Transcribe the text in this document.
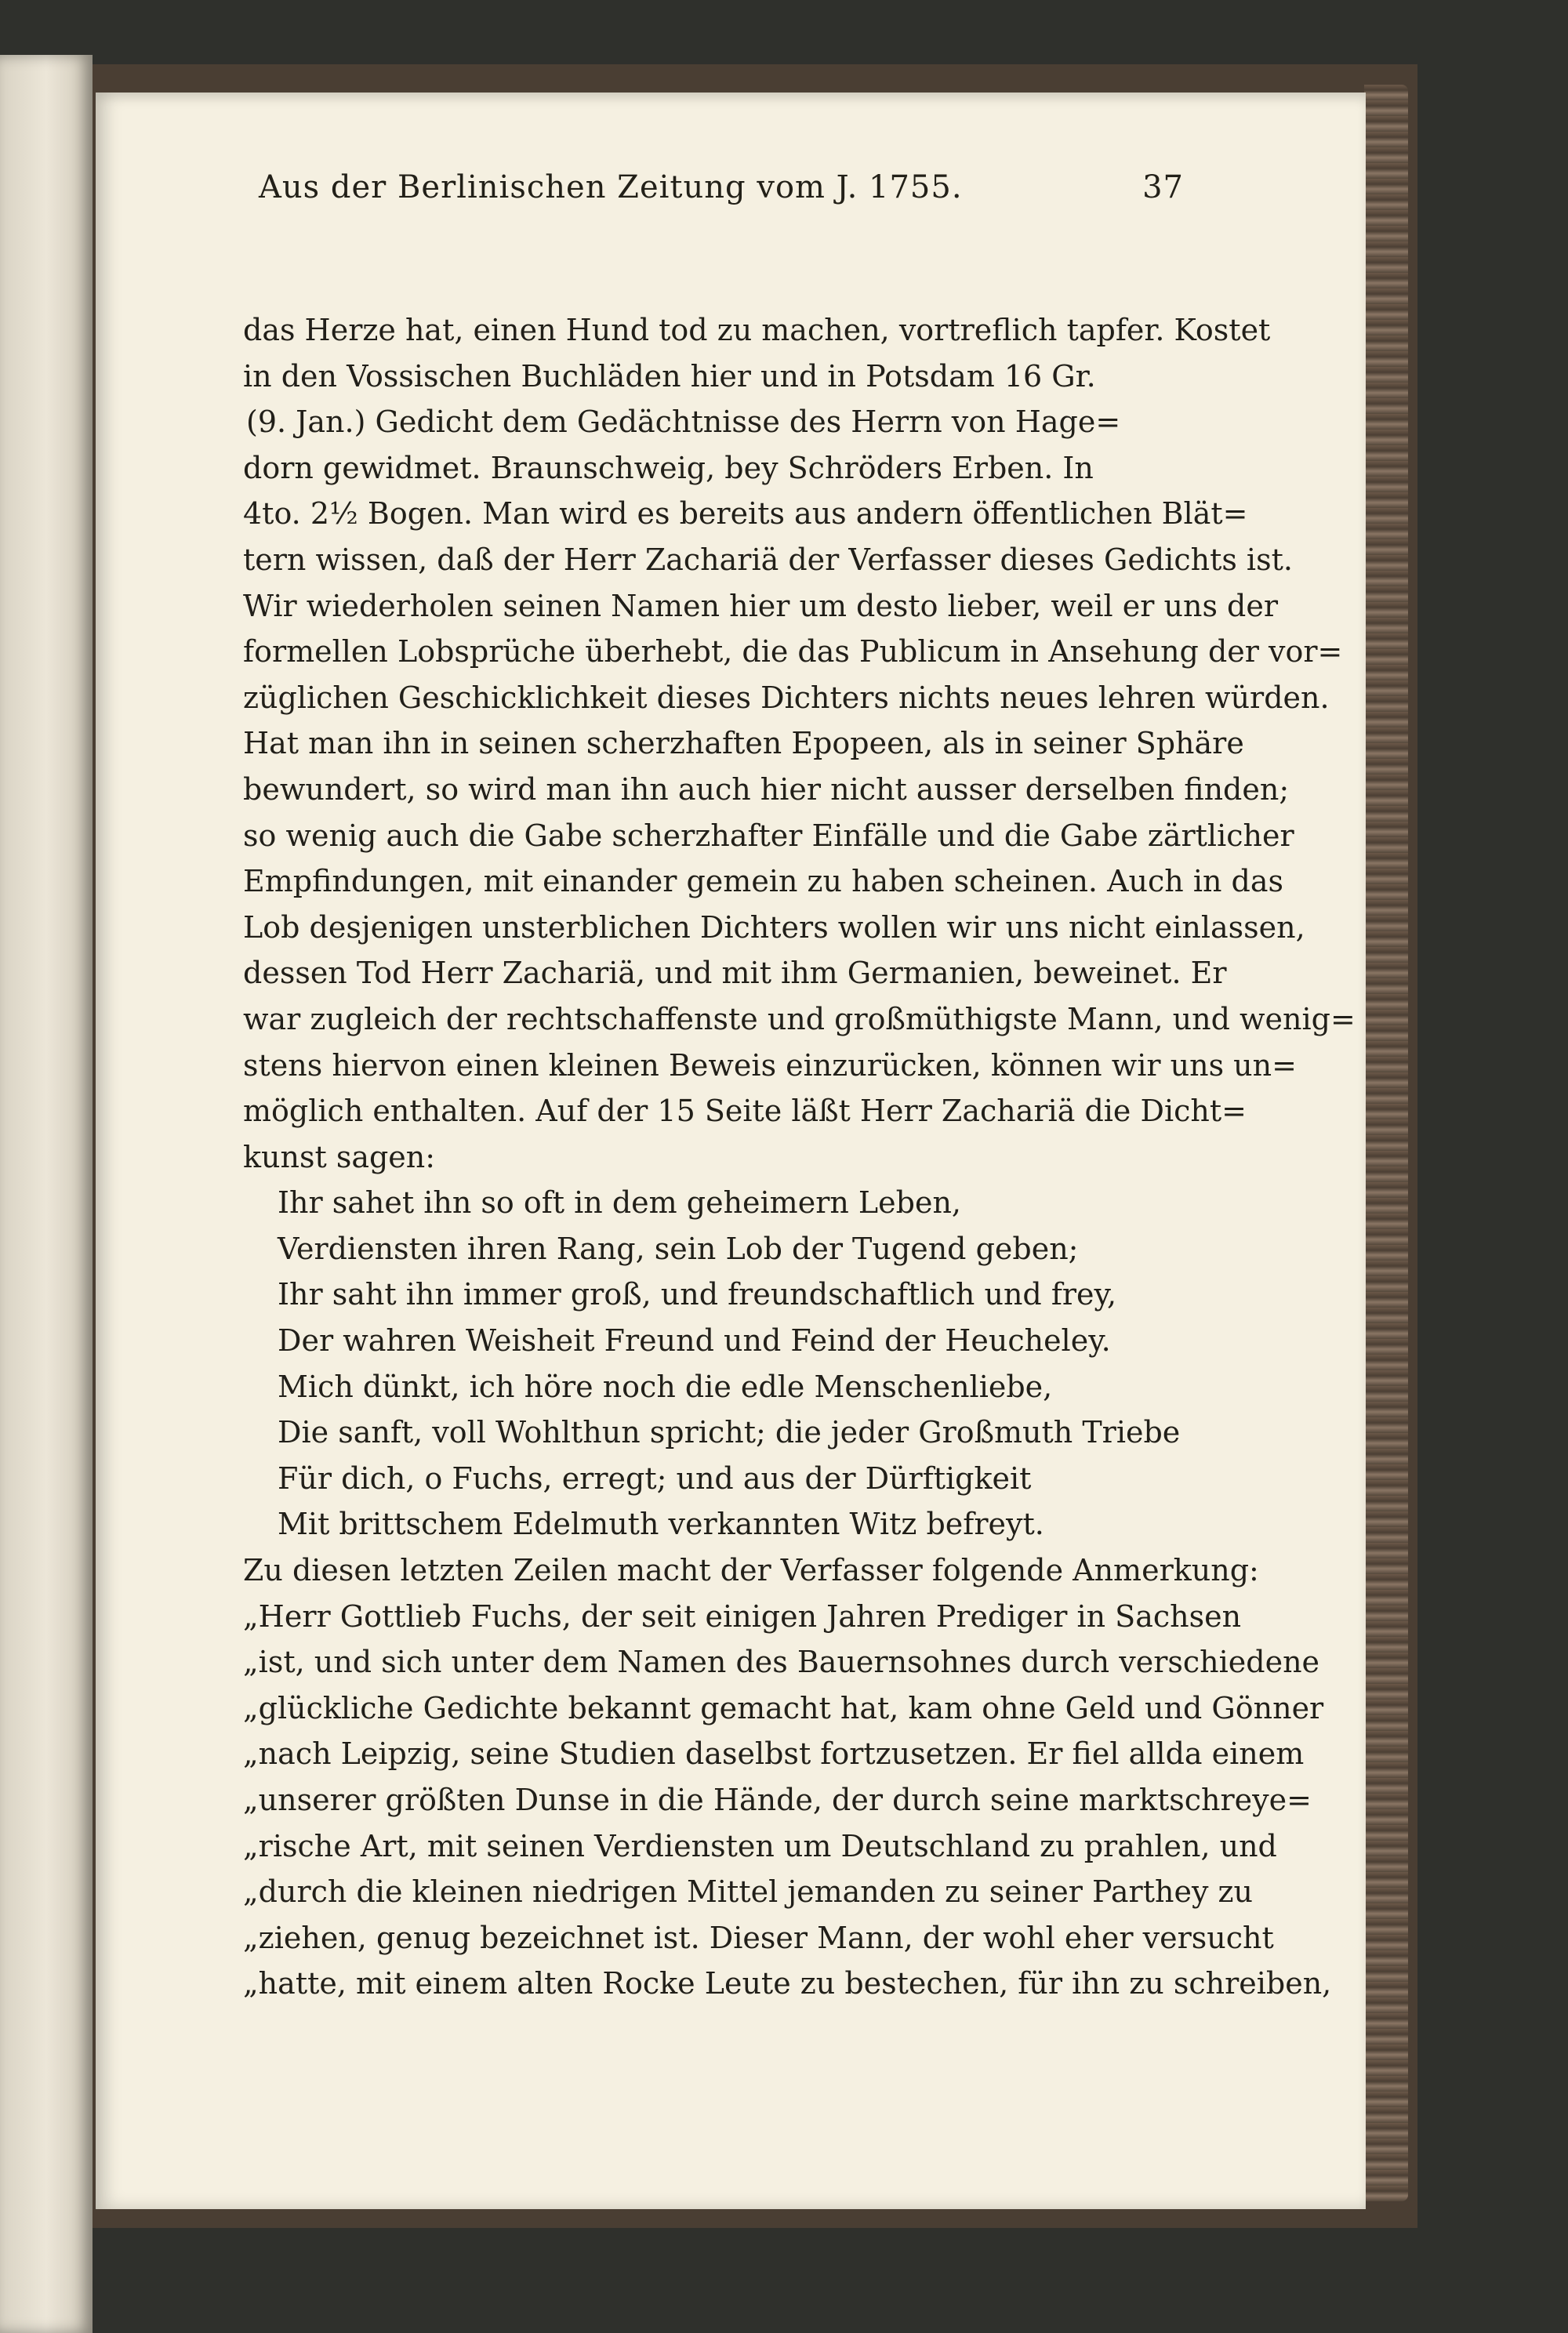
Aus der Berlinischen Zeitung vom J. 1755.	37
das Herze hat, einen Hund tod zu machen, vortreflich tapfer. Kostet
in den Vossischen Buchläden hier und in Potsdam 16 Gr.
(9. Jan.) Gedicht dem Gedächtnisse des Herrn von Hage=
dorn gewidmet. Braunschweig, bey Schröders Erben. In
4to. 2½ Bogen. Man wird es bereits aus andern öffentlichen Blät=
tern wissen, daß der Herr Zachariä der Verfasser dieses Gedichts ist.
Wir wiederholen seinen Namen hier um desto lieber, weil er uns der
formellen Lobsprüche überhebt, die das Publicum in Ansehung der vor=
züglichen Geschicklichkeit dieses Dichters nichts neues lehren würden.
Hat man ihn in seinen scherzhaften Epopeen, als in seiner Sphäre
bewundert, so wird man ihn auch hier nicht ausser derselben finden;
so wenig auch die Gabe scherzhafter Einfälle und die Gabe zärtlicher
Empfindungen, mit einander gemein zu haben scheinen. Auch in das
Lob desjenigen unsterblichen Dichters wollen wir uns nicht einlassen,
dessen Tod Herr Zachariä, und mit ihm Germanien, beweinet. Er
war zugleich der rechtschaffenste und großmüthigste Mann, und wenig=
stens hiervon einen kleinen Beweis einzurücken, können wir uns un=
möglich enthalten. Auf der 15 Seite läßt Herr Zachariä die Dicht=
kunst sagen:
Ihr sahet ihn so oft in dem geheimern Leben,
Verdiensten ihren Rang, sein Lob der Tugend geben;
Ihr saht ihn immer groß, und freundschaftlich und frey,
Der wahren Weisheit Freund und Feind der Heucheley.
Mich dünkt, ich höre noch die edle Menschenliebe,
Die sanft, voll Wohlthun spricht; die jeder Großmuth Triebe
Für dich, o Fuchs, erregt; und aus der Dürftigkeit
Mit brittschem Edelmuth verkannten Witz befreyt.
Zu diesen letzten Zeilen macht der Verfasser folgende Anmerkung:
„Herr Gottlieb Fuchs, der seit einigen Jahren Prediger in Sachsen
„ist, und sich unter dem Namen des Bauernsohnes durch verschiedene
„glückliche Gedichte bekannt gemacht hat, kam ohne Geld und Gönner
„nach Leipzig, seine Studien daselbst fortzusetzen. Er fiel allda einem
„unserer größten Dunse in die Hände, der durch seine marktschreye=
„rische Art, mit seinen Verdiensten um Deutschland zu prahlen, und
„durch die kleinen niedrigen Mittel jemanden zu seiner Parthey zu
„ziehen, genug bezeichnet ist. Dieser Mann, der wohl eher versucht
„hatte, mit einem alten Rocke Leute zu bestechen, für ihn zu schreiben,
